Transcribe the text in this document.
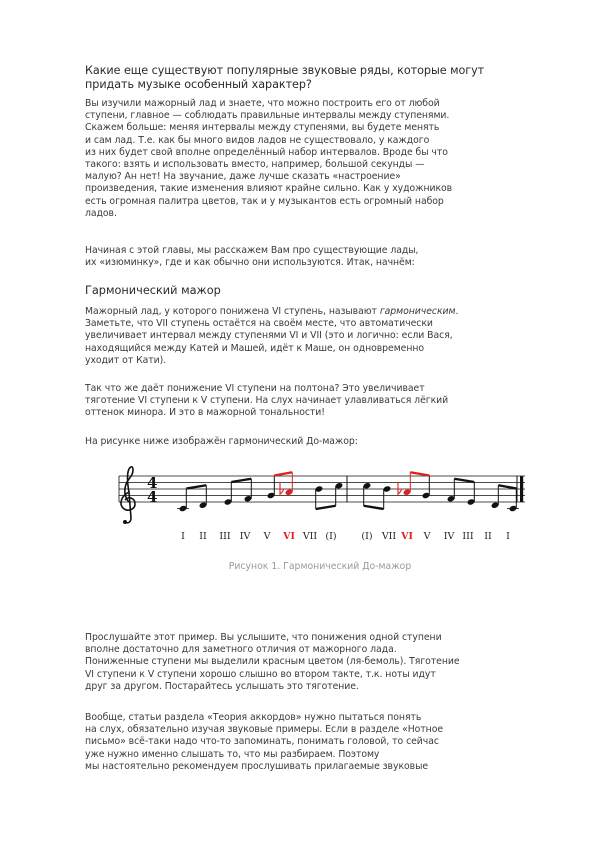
Какие еще существуют популярные звуковые ряды, которые могут
придать музыке особенный характер?
Вы изучили мажорный лад и знаете, что можно построить его от любой
ступени, главное — соблюдать правильные интервалы между ступенями.
Скажем больше: меняя интервалы между ступенями, вы будете менять
и сам лад. Т.е. как бы много видов ладов не существовало, у каждого
из них будет свой вполне определённый набор интервалов. Вроде бы что
такого: взять и использовать вместо, например, большой секунды —
малую? Ан нет! На звучание, даже лучше сказать «настроение»
произведения, такие изменения влияют крайне сильно. Как у художников
есть огромная палитра цветов, так и у музыкантов есть огромный набор
ладов.
Начиная с этой главы, мы расскажем Вам про существующие лады,
их «изюминку», где и как обычно они используются. Итак, начнём:
Гармонический мажор
Мажорный лад, у которого понижена VI ступень, называют гармоническим.
Заметьте, что VII ступень остаётся на своём месте, что автоматически
увеличивает интервал между ступенями VI и VII (это и логично: если Вася,
находящийся между Катей и Машей, идёт к Маше, он одновременно
уходит от Кати).
Так что же даёт понижение VI ступени на полтона? Это увеличивает
тяготение VI ступени к V ступени. На слух начинает улавливаться лёгкий
оттенок минора. И это в мажорной тональности!
На рисунке ниже изображён гармонический До-мажор:
4
4
I II III IV V VI VII (I)	(I) VII VI V IV III II I
Рисунок 1. Гармонический До-мажор
Прослушайте этот пример. Вы услышите, что понижения одной ступени
вполне достаточно для заметного отличия от мажорного лада.
Пониженные ступени мы выделили красным цветом (ля-бемоль). Тяготение
VI ступени к V ступени хорошо слышно во втором такте, т.к. ноты идут
друг за другом. Постарайтесь услышать это тяготение.
Вообще, статьи раздела «Теория аккордов» нужно пытаться понять
на слух, обязательно изучая звуковые примеры. Если в разделе «Нотное
письмо» всё-таки надо что-то запоминать, понимать головой, то сейчас
уже нужно именно слышать то, что мы разбираем. Поэтому
мы настоятельно рекомендуем прослушивать прилагаемые звуковые
